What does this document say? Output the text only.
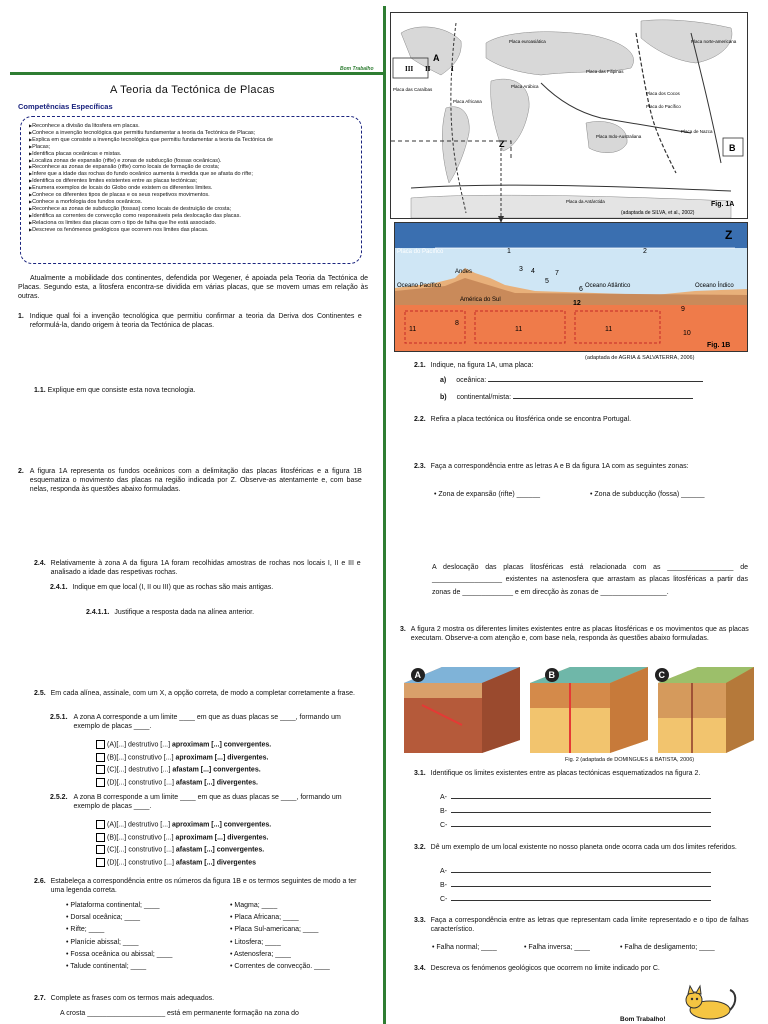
Bom Trabalho
A Teoria da Tectónica de Placas
Competências Específicas
▶ Reconhece a divisão da litosfera em placas.
▶ Conhece a invenção tecnológica que permitiu fundamentar a teoria da Tectónica de Placas;
▶ Explica em que consiste a invenção tecnológica que permitiu fundamentar a teoria da Tectónica de
▶ Placas;
▶ Identifica placas oceânicas e mistas.
▶ Localiza zonas de expansão (rifte) e zonas de subducção (fossas oceânicas).
▶ Reconhece as zonas de expansão (rifte) como locais de formação de crosta;
▶ Infere que a idade das rochas do fundo oceânico aumenta à medida que se afasta do rifte;
▶ Identifica os diferentes limites existentes entre as placas tectónicas;
▶ Enumera exemplos de locais do Globo onde existem os diferentes limites.
▶ Conhece os diferentes tipos de placas e os seus respetivos movimentos.
▶ Conhece a morfologia dos fundos oceânicos.
▶ Reconhece as zonas de subducção (fossas) como locais de destruição de crosta;
▶ Identifica as correntes de convecção como responsáveis pela deslocação das placas.
▶ Relaciona os limites das placas com o tipo de falha que lhe está associado.
▶ Descreve os fenómenos geológicos que ocorrem nos limites das placas.
Atualmente a mobilidade dos continentes, defendida por Wegener, é apoiada pela Teoria da Tectónica de Placas. Segundo esta, a litosfera encontra-se dividida em várias placas, que se movem umas em relação às outras.
1. Indique qual foi a invenção tecnológica que permitiu confirmar a teoria da Deriva dos Continentes e reformulá-la, dando origem à teoria da Tectónica de placas.
1.1. Explique em que consiste esta nova tecnologia.
2. A figura 1A representa os fundos oceânicos com a delimitação das placas litosféricas e a figura 1B esquematiza o movimento das placas na região indicada por Z. Observe-as atentamente e, com base nelas, responda às questões abaixo formuladas.
2.4. Relativamente à zona A da figura 1A foram recolhidas amostras de rochas nos locais I, II e III e analisado a idade das respetivas rochas.
2.4.1. Indique em que local (I, II ou III) que as rochas são mais antigas.
2.4.1.1. Justifique a resposta dada na alínea anterior.
2.5. Em cada alínea, assinale, com um X, a opção correta, de modo a completar corretamente a frase.
2.5.1. A zona A corresponde a um limite ____ em que as duas placas se ____, formando um exemplo de placas ____.
(A)[...] destrutivo [...] aproximam [...] convergentes.
(B)[...] construtivo [...] aproximam [...] divergentes.
(C)[...] destrutivo [...] afastam [...] convergentes.
(D)[...] construtivo [...] afastam [...] divergentes.
2.5.2. A zona B corresponde a um limite ____ em que as duas placas se ____, formando um exemplo de placas ____.
(A)[...] destrutivo [...] aproximam [...] convergentes.
(B)[...] construtivo [...] aproximam [...] divergentes.
(C)[...] construtivo [...] afastam [...] convergentes.
(D)[...] construtivo [...] afastam [...] divergentes
2.6. Estabeleça a correspondência entre os números da figura 1B e os termos seguintes de modo a ter uma legenda correta.
• Plataforma continental; ____
• Dorsal oceânica; ____
• Rifte; ____
• Planície abissal; ____
• Fossa oceânica ou abissal; ____
• Talude continental; ____
• Magma; ____
• Placa Africana; ____
• Placa Sul-americana; ____
• Litosfera; ____
• Astenosfera; ____
• Correntes de convecção. ____
2.7. Complete as frases com os termos mais adequados.
A crosta ____________________ está em permanente formação na zona do
Placa euroasiática	Placa norte-americana
Placa das Caraíbas
Placa Africana
Placa das Filipinas
Placa do Pacífico
Placa dos Cocos
Placa Indo-Australiana
Placa de Nazca
Placa da Antárctida
Placa Arábica
A
III II	I
Z	B
Fig. 1A
(adaptada de SILVA, et al., 2002)
Placa do Pacífico
Z
Andes
Oceano Pacífico
América do Sul
Oceano Atlântico	Oceano Índico
1	2
3 4
5
6
7
8
9
10
11	11	11
12
Fig. 1B
(adaptada de AGRIA & SALVATERRA, 2006)
2.1. Indique, na figura 1A, uma placa:
a) oceânica:
b) continental/mista:
2.2. Refira a placa tectónica ou litosférica onde se encontra Portugal.
2.3. Faça a correspondência entre as letras A e B da figura 1A com as seguintes zonas:
• Zona de expansão (rifte) ______	• Zona de subducção (fossa) ______
A deslocação das placas litosféricas está relacionada com as _________________ de __________________ existentes na astenosfera que arrastam as placas litosféricas a partir das zonas de _____________ e em direcção às zonas de _________________.
3. A figura 2 mostra os diferentes limites existentes entre as placas litosféricas e os movimentos que as placas executam. Observe-a com atenção e, com base nela, responda às questões abaixo formuladas.
A	B	C
Fig. 2 (adaptada de DOMINGUES & BATISTA, 2006)
3.1. Identifique os limites existentes entre as placas tectónicas esquematizados na figura 2.
A-
B-
C-
3.2. Dê um exemplo de um local existente no nosso planeta onde ocorra cada um dos limites referidos.
A-
B-
C-
3.3. Faça a correspondência entre as letras que representam cada limite representado e o tipo de falhas característico.
• Falha normal; ____	• Falha inversa; ____	• Falha de desligamento; ____
3.4. Descreva os fenómenos geológicos que ocorrem no limite indicado por C.
Bom Trabalho!
